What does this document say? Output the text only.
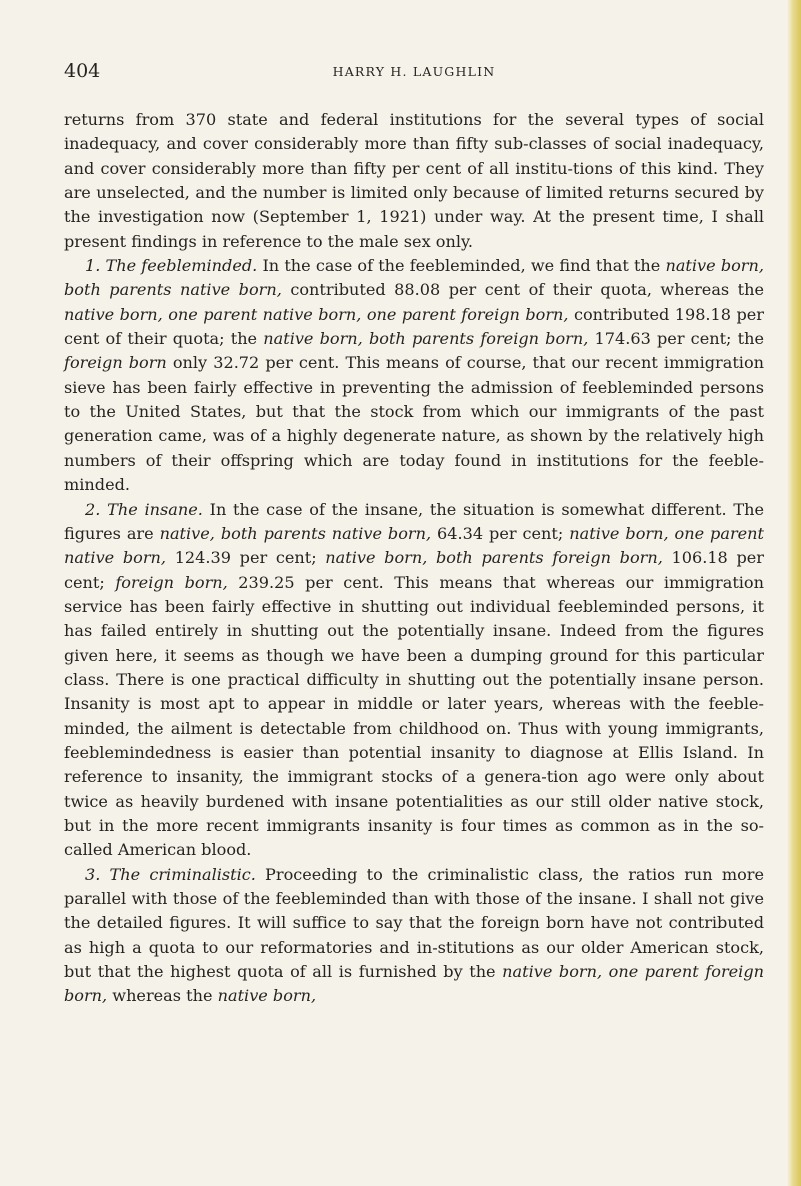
404	HARRY H. LAUGHLIN

returns from 370 state and federal institutions for the several types of social inadequacy, and cover considerably more than fifty sub-classes of social inadequacy, and cover considerably more than fifty per cent of all institu-tions of this kind. They are unselected, and the number is limited only because of limited returns secured by the investigation now (September 1, 1921) under way. At the present time, I shall present findings in reference to the male sex only.

1. The feebleminded. In the case of the feebleminded, we find that the native born, both parents native born, contributed 88.08 per cent of their quota, whereas the native born, one parent native born, one parent foreign born, contributed 198.18 per cent of their quota; the native born, both parents foreign born, 174.63 per cent; the foreign born only 32.72 per cent. This means of course, that our recent immigration sieve has been fairly effective in preventing the admission of feebleminded persons to the United States, but that the stock from which our immigrants of the past generation came, was of a highly degenerate nature, as shown by the relatively high numbers of their offspring which are today found in institutions for the feeble-minded.

2. The insane. In the case of the insane, the situation is somewhat different. The figures are native, both parents native born, 64.34 per cent; native born, one parent native born, 124.39 per cent; native born, both parents foreign born, 106.18 per cent; foreign born, 239.25 per cent. This means that whereas our immigration service has been fairly effective in shutting out individual feebleminded persons, it has failed entirely in shutting out the potentially insane. Indeed from the figures given here, it seems as though we have been a dumping ground for this particular class. There is one practical difficulty in shutting out the potentially insane person. Insanity is most apt to appear in middle or later years, whereas with the feeble-minded, the ailment is detectable from childhood on. Thus with young immigrants, feeblemindedness is easier than potential insanity to diagnose at Ellis Island. In reference to insanity, the immigrant stocks of a genera-tion ago were only about twice as heavily burdened with insane potentialities as our still older native stock, but in the more recent immigrants insanity is four times as common as in the so-called American blood.

3. The criminalistic. Proceeding to the criminalistic class, the ratios run more parallel with those of the feebleminded than with those of the insane. I shall not give the detailed figures. It will suffice to say that the foreign born have not contributed as high a quota to our reformatories and in-stitutions as our older American stock, but that the highest quota of all is furnished by the native born, one parent foreign born, whereas the native born,
